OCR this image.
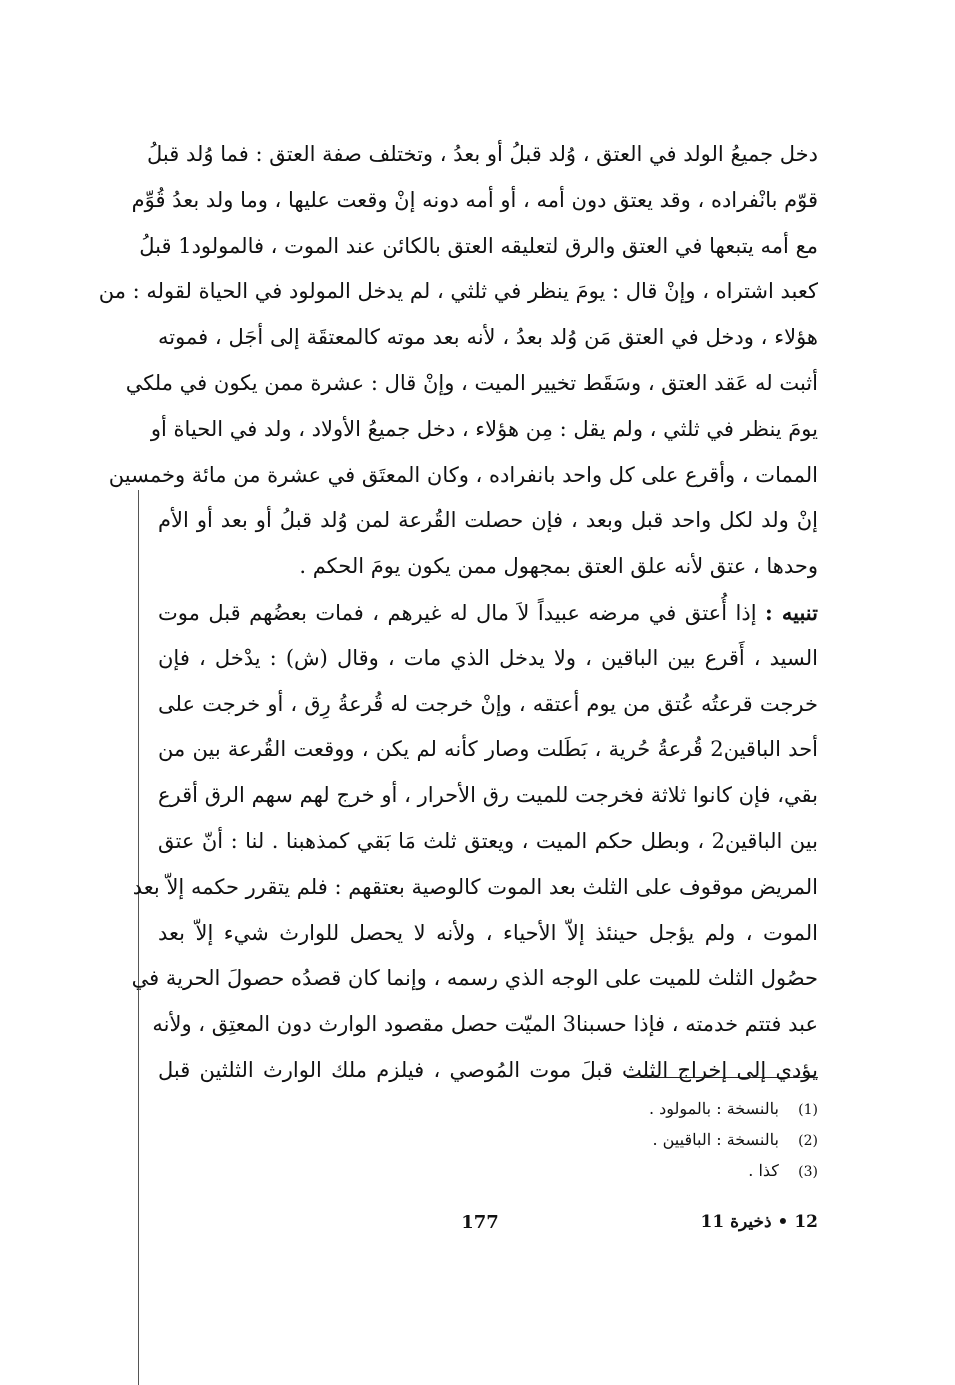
دخل جميعُ الولد في العتق ، وُلد قبلُ أو بعدُ ، وتختلف صفة العتق : فما وُلد قبلُ
قوّم بانْفراده ، وقد يعتق دون أمه ، أو أمه دونه إنْ وقعت عليها ، وما ولد بعدُ قُوِّم
مع أمه يتبعها في العتق والرق لتعليقه العتق بالكائن عند الموت ، فالمولود1 قبلُ
كعبد اشتراه ، وإنْ قال : يومَ ينظر في ثلثي ، لم يدخل المولود في الحياة لقوله : من
هؤلاء ، ودخل في العتق مَن وُلد بعدُ ، لأنه بعد موته كالمعتقَة إلى أجَل ، فموته
أثبت له عَقد العتق ، وسَقَط تخيير الميت ، وإنْ قال : عشرة ممن يكون في ملكي
يومَ ينظر في ثلثي ، ولم يقل : مِن هؤلاء ، دخل جميعُ الأولاد ، ولد في الحياة أو
الممات ، وأقرع على كل واحد بانفراده ، وكان المعتَق في عشرة من مائة وخمسين
إنْ ولد لكل واحد قبل وبعد ، فإن حصلت القُرعة لمن وُلد قبلُ أو بعد أو الأم
وحدها ، عتق لأنه علق العتق بمجهول ممن يكون يومَ الحكم .
تنبيه : إذا أُعتق في مرضه عبيداً لاَ مال له غيرهم ، فمات بعضُهم قبل موت
السيد ، أَقرع بين الباقين ، ولا يدخل الذي مات ، وقال (ش) : يدْخل ، فإن
خرجت قرعتُه عُتق من يوم أعتقه ، وإنْ خرجت له قُرعةُ رِق ، أو خرجت على
أحد الباقين2 قُرعةُ حُرية ، بَطَلت وصار كأنه لم يكن ، ووقعت القُرعة بين من
بقي، فإن كانوا ثلاثة فخرجت للميت رق الأحرار ، أو خرج لهم سهم الرق أقرع
بين الباقين2 ، وبطل حكم الميت ، ويعتق ثلث مَا بَقي كمذهبنا . لنا : أنّ عتق
المريض موقوف على الثلث بعد الموت كالوصية بعتقهم : فلم يتقرر حكمه إلاّ بعد
الموت ، ولم يؤجل حينئذ إلاّ الأحياء ، ولأنه لا يحصل للوارث شيء إلاّ بعد
حصُول الثلث للميت على الوجه الذي رسمه ، وإنما كان قصدُه حصولَ الحرية في
عبد فتتم خدمته ، فإذا حسبنا3 الميّت حصل مقصود الوارث دون المعتِق ، ولأنه
يؤدي إلى إخراج الثلث قبلَ موت المُوصي ، فيلزم ملك الوارث الثلثين قبل
(1) بالنسخة : بالمولود .
(2) بالنسخة : الباقيين .
(3) كذا .
177	12 • ذخيرة 11
